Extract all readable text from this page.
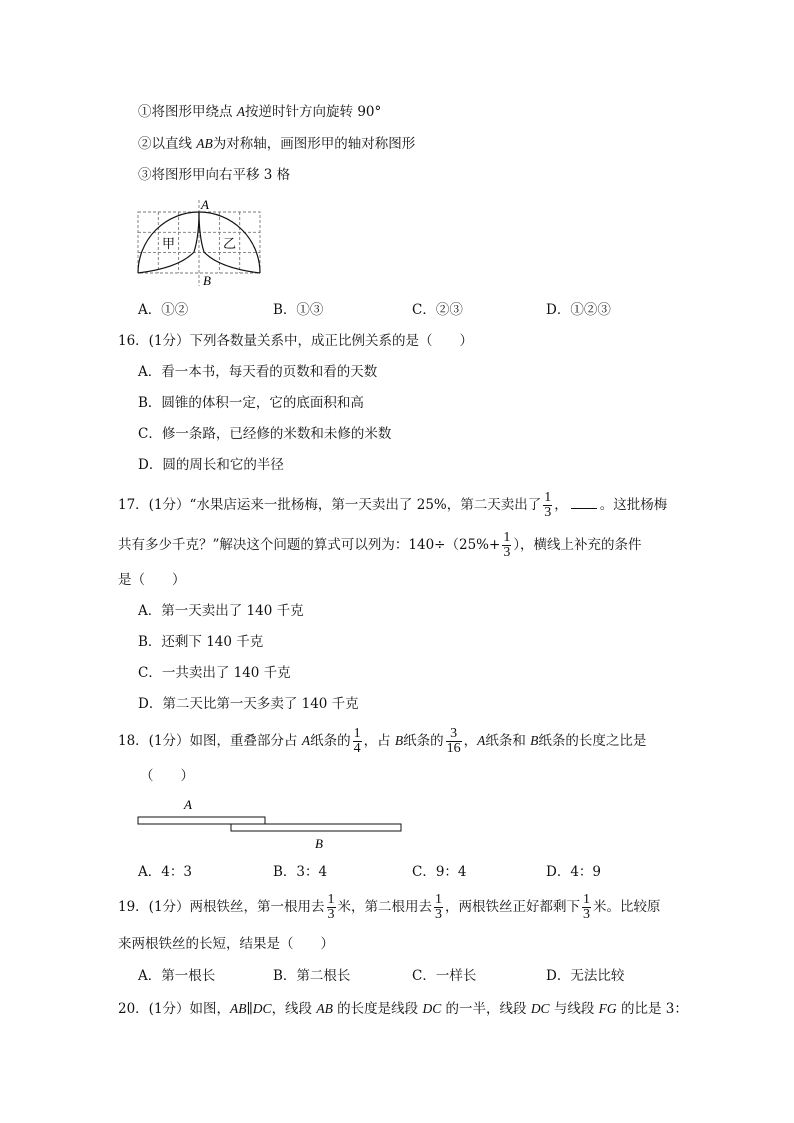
①将图形甲绕点 A按逆时针方向旋转 90°
②以直线 AB为对称轴，画图形甲的轴对称图形
③将图形甲向右平移 3 格
A
B
甲	乙
A．①②	B．①③	C．②③	D．①②③
16．(1分）下列各数量关系中，成正比例关系的是（　　）
A．看一本书，每天看的页数和看的天数
B．圆锥的体积一定，它的底面积和高
C．修一条路，已经修的米数和未修的米数
D．圆的周长和它的半径
17．(1分）“水果店运来一批杨梅，第一天卖出了 25%，第二天卖出了 $\frac{1}{3}$ ， 。这批杨梅
共有多少千克？”解决这个问题的算式可以列为：$140\div(25\%+ \frac{1}{3}$ ），横线上补充的条件
是（　　）
A．第一天卖出了 140 千克
B．还剩下 140 千克
C．一共卖出了 140 千克
D．第二天比第一天多卖了 140 千克
18．(1分）如图，重叠部分占 A纸条的 $\frac{1}{4}$ ，占 B纸条的 $\frac{3}{16}$ ，A纸条和 B纸条的长度之比是
（　　）
A
B
A．4：3	B．3：4	C．9：4	D．4：9
19．(1分）两根铁丝，第一根用去 $\frac{1}{3}$ 米，第二根用去 $\frac{1}{3}$ ，两根铁丝正好都剩下 $\frac{1}{3}$ 米。比较原
来两根铁丝的长短，结果是（　　）
A．第一根长	B．第二根长	C．一样长	D．无法比较
20．(1分）如图，AB∥DC，线段 AB 的长度是线段 DC 的一半，线段 DC 与线段 FG 的比是 3：
